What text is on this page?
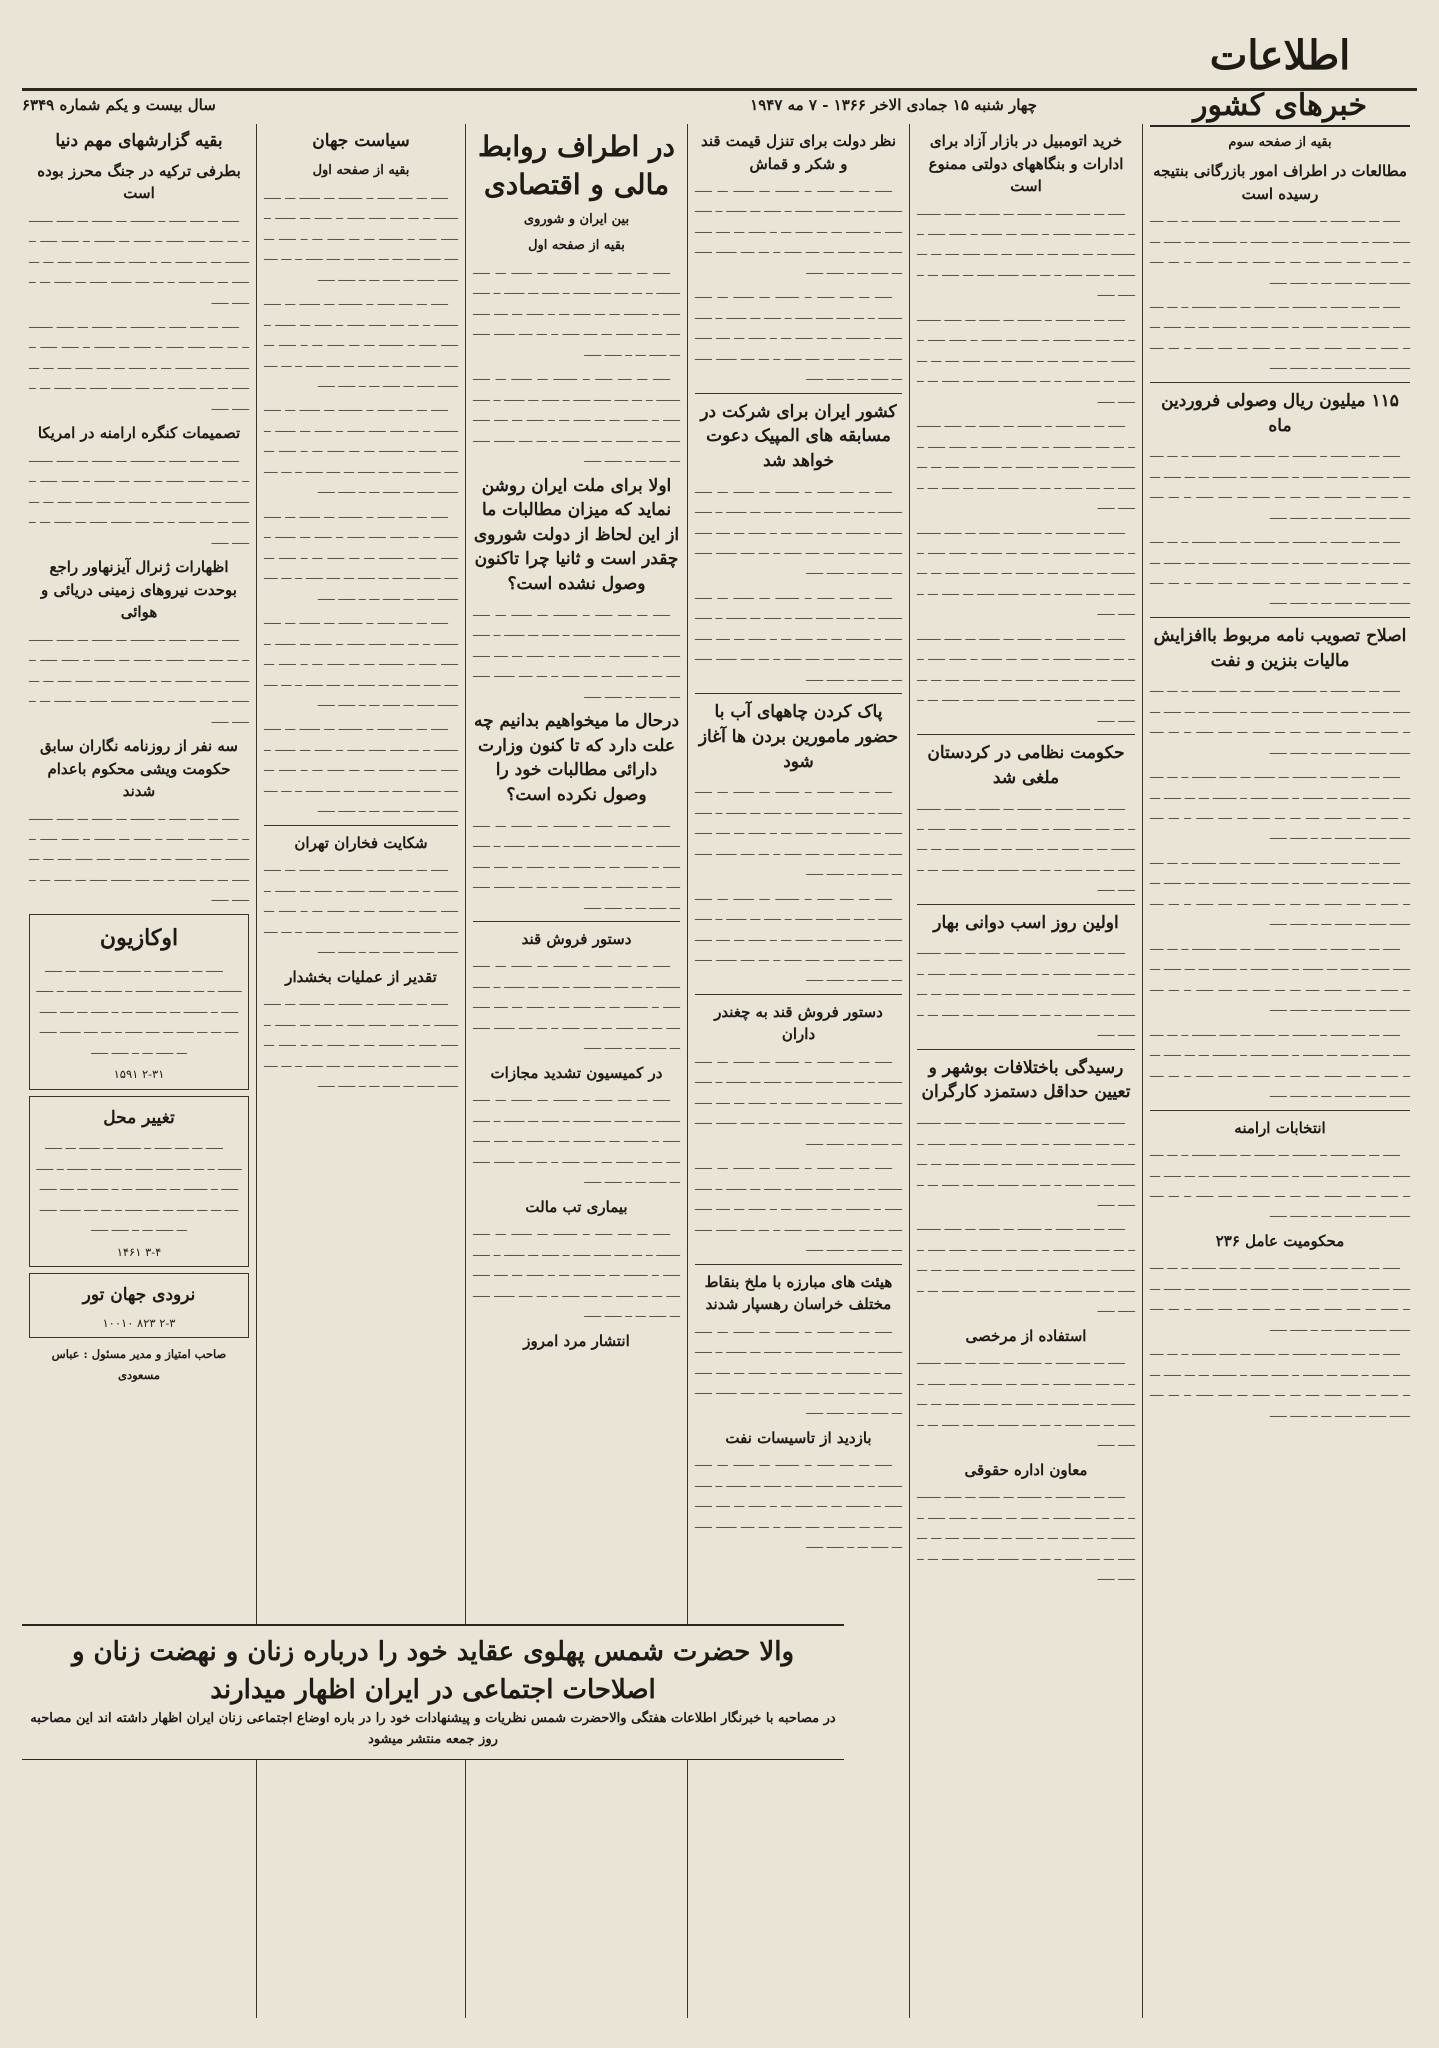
چهار شنبه ۱۵ جمادی الاخر ۱۳۶۶ - ۷ مه ۱۹۴۷
سال بیست و یکم شماره ۶۳۴۹
اطلاعات
خبرهای کشور
بقیه از صفحه سوم
مطالعات در اطراف امور بازرگانی بنتیجه رسیده است

ـــــ ـــ ــــ ـــــ ــ ـــــــ ـــ ــــــ ـــ ـــــ ـــــــ ــ ـــ ــــ ـــــ ـــــ ــ ـــــ ـــ ــــــ ــ ـــــ ـــــ ــ ـــــــ ـــ ـــ ـــــ ـــ ــ ـــــ ـــ ــــ ـــــ ــــ ـــ ـــ ـــــ ـــ ــــ ـــــ ــ ـــ ــــ ــــــ ـــــ ـــ ـــــ ـــ ــ ـــــ ـــــ

ـــــ ـــ ــــ ـــــ ــ ـــــــ ـــ ــــــ ـــ ـــــ ـــــــ ــ ـــ ــــ ـــــ ـــــ ــ ـــــ ـــ ــــــ ــ ـــــ ـــــ ــ ـــــــ ـــ ـــ ـــــ ـــ ــ ـــــ ـــ ــــ ـــــ ــــ ـــ ـــ ـــــ ـــ ــــ ـــــ ــ ـــ ــــ ــــــ ـــــ ـــ ـــــ ـــ ــ ـــــ ـــــ

۱۱۵ میلیون ریال وصولی فروردین ماه

ـــــ ـــ ــــ ـــــ ــ ـــــــ ـــ ــــــ ـــ ـــــ ـــــــ ــ ـــ ــــ ـــــ ـــــ ــ ـــــ ـــ ــــــ ــ ـــــ ـــــ ــ ـــــــ ـــ ـــ ـــــ ـــ ــ ـــــ ـــ ــــ ـــــ ــــ ـــ ـــ ـــــ ـــ ــــ ـــــ ــ ـــ ــــ ــــــ ـــــ ـــ ـــــ ـــ ــ ـــــ ـــــ

ـــــ ـــ ــــ ـــــ ــ ـــــــ ـــ ــــــ ـــ ـــــ ـــــــ ــ ـــ ــــ ـــــ ـــــ ــ ـــــ ـــ ــــــ ــ ـــــ ـــــ ــ ـــــــ ـــ ـــ ـــــ ـــ ــ ـــــ ـــ ــــ ـــــ ــــ ـــ ـــ ـــــ ـــ ــــ ـــــ ــ ـــ ــــ ــــــ ـــــ ـــ ـــــ ـــ ــ ـــــ ـــــ

اصلاح تصویب نامه مربوط باافزایش مالیات بنزین و نفت

ـــــ ـــ ــــ ـــــ ــ ـــــــ ـــ ــــــ ـــ ـــــ ـــــــ ــ ـــ ــــ ـــــ ـــــ ــ ـــــ ـــ ــــــ ــ ـــــ ـــــ ــ ـــــــ ـــ ـــ ـــــ ـــ ــ ـــــ ـــ ــــ ـــــ ــــ ـــ ـــ ـــــ ـــ ــــ ـــــ ــ ـــ ــــ ــــــ ـــــ ـــ ـــــ ـــ ــ ـــــ ـــــ

ـــــ ـــ ــــ ـــــ ــ ـــــــ ـــ ــــــ ـــ ـــــ ـــــــ ــ ـــ ــــ ـــــ ـــــ ــ ـــــ ـــ ــــــ ــ ـــــ ـــــ ــ ـــــــ ـــ ـــ ـــــ ـــ ــ ـــــ ـــ ــــ ـــــ ــــ ـــ ـــ ـــــ ـــ ــــ ـــــ ــ ـــ ــــ ــــــ ـــــ ـــ ـــــ ـــ ــ ـــــ ـــــ

ـــــ ـــ ــــ ـــــ ــ ـــــــ ـــ ــــــ ـــ ـــــ ـــــــ ــ ـــ ــــ ـــــ ـــــ ــ ـــــ ـــ ــــــ ــ ـــــ ـــــ ــ ـــــــ ـــ ـــ ـــــ ـــ ــ ـــــ ـــ ــــ ـــــ ــــ ـــ ـــ ـــــ ـــ ــــ ـــــ ــ ـــ ــــ ــــــ ـــــ ـــ ـــــ ـــ ــ ـــــ ـــــ

ـــــ ـــ ــــ ـــــ ــ ـــــــ ـــ ــــــ ـــ ـــــ ـــــــ ــ ـــ ــــ ـــــ ـــــ ــ ـــــ ـــ ــــــ ــ ـــــ ـــــ ــ ـــــــ ـــ ـــ ـــــ ـــ ــ ـــــ ـــ ــــ ـــــ ــــ ـــ ـــ ـــــ ـــ ــــ ـــــ ــ ـــ ــــ ــــــ ـــــ ـــ ـــــ ـــ ــ ـــــ ـــــ

ـــــ ـــ ــــ ـــــ ــ ـــــــ ـــ ــــــ ـــ ـــــ ـــــــ ــ ـــ ــــ ـــــ ـــــ ــ ـــــ ـــ ــــــ ــ ـــــ ـــــ ــ ـــــــ ـــ ـــ ـــــ ـــ ــ ـــــ ـــ ــــ ـــــ ــــ ـــ ـــ ـــــ ـــ ــــ ـــــ ــ ـــ ــــ ــــــ ـــــ ـــ ـــــ ـــ ــ ـــــ ـــــ

انتخابات ارامنه

ـــــ ـــ ــــ ـــــ ــ ـــــــ ـــ ــــــ ـــ ـــــ ـــــــ ــ ـــ ــــ ـــــ ـــــ ــ ـــــ ـــ ــــــ ــ ـــــ ـــــ ــ ـــــــ ـــ ـــ ـــــ ـــ ــ ـــــ ـــ ــــ ـــــ ــــ ـــ ـــ ـــــ ـــ ــــ ـــــ ــ ـــ ــــ ــــــ ـــــ ـــ ـــــ ـــ ــ ـــــ ـــــ

محکومیت عامل ۲۳۶

ـــــ ـــ ــــ ـــــ ــ ـــــــ ـــ ــــــ ـــ ـــــ ـــــــ ــ ـــ ــــ ـــــ ـــــ ــ ـــــ ـــ ــــــ ــ ـــــ ـــــ ــ ـــــــ ـــ ـــ ـــــ ـــ ــ ـــــ ـــ ــــ ـــــ ــــ ـــ ـــ ـــــ ـــ ــــ ـــــ ــ ـــ ــــ ــــــ ـــــ ـــ ـــــ ـــ ــ ـــــ ـــــ

ـــــ ـــ ــــ ـــــ ــ ـــــــ ـــ ــــــ ـــ ـــــ ـــــــ ــ ـــ ــــ ـــــ ـــــ ــ ـــــ ـــ ــــــ ــ ـــــ ـــــ ــ ـــــــ ـــ ـــ ـــــ ـــ ــ ـــــ ـــ ــــ ـــــ ــــ ـــ ـــ ـــــ ـــ ــــ ـــــ ــ ـــ ــــ ــــــ ـــــ ـــ ـــــ ـــ ــ ـــــ ـــــ

خرید اتومبیل در بازار آزاد برای ادارات و بنگاههای دولتی ممنوع است

ـــــ ـــ ــــ ـــــ ــ ـــــــ ـــ ــــــ ـــ ـــــ ـــــــ ــ ـــ ــــ ـــــ ـــــ ــ ـــــ ـــ ــــــ ــ ـــــ ـــــ ــ ـــــــ ـــ ـــ ـــــ ـــ ــ ـــــ ـــ ــــ ـــــ ــــ ـــ ـــ ـــــ ـــ ــــ ـــــ ــ ـــ ــــ ــــــ ـــــ ـــ ـــــ ـــ ــ ـــــ ـــــ

ـــــ ـــ ــــ ـــــ ــ ـــــــ ـــ ــــــ ـــ ـــــ ـــــــ ــ ـــ ــــ ـــــ ـــــ ــ ـــــ ـــ ــــــ ــ ـــــ ـــــ ــ ـــــــ ـــ ـــ ـــــ ـــ ــ ـــــ ـــ ــــ ـــــ ــــ ـــ ـــ ـــــ ـــ ــــ ـــــ ــ ـــ ــــ ــــــ ـــــ ـــ ـــــ ـــ ــ ـــــ ـــــ

ـــــ ـــ ــــ ـــــ ــ ـــــــ ـــ ــــــ ـــ ـــــ ـــــــ ــ ـــ ــــ ـــــ ـــــ ــ ـــــ ـــ ــــــ ــ ـــــ ـــــ ــ ـــــــ ـــ ـــ ـــــ ـــ ــ ـــــ ـــ ــــ ـــــ ــــ ـــ ـــ ـــــ ـــ ــــ ـــــ ــ ـــ ــــ ــــــ ـــــ ـــ ـــــ ـــ ــ ـــــ ـــــ

ـــــ ـــ ــــ ـــــ ــ ـــــــ ـــ ــــــ ـــ ـــــ ـــــــ ــ ـــ ــــ ـــــ ـــــ ــ ـــــ ـــ ــــــ ــ ـــــ ـــــ ــ ـــــــ ـــ ـــ ـــــ ـــ ــ ـــــ ـــ ــــ ـــــ ــــ ـــ ـــ ـــــ ـــ ــــ ـــــ ــ ـــ ــــ ــــــ ـــــ ـــ ـــــ ـــ ــ ـــــ ـــــ

ـــــ ـــ ــــ ـــــ ــ ـــــــ ـــ ــــــ ـــ ـــــ ـــــــ ــ ـــ ــــ ـــــ ـــــ ــ ـــــ ـــ ــــــ ــ ـــــ ـــــ ــ ـــــــ ـــ ـــ ـــــ ـــ ــ ـــــ ـــ ــــ ـــــ ــــ ـــ ـــ ـــــ ـــ ــــ ـــــ ــ ـــ ــــ ــــــ ـــــ ـــ ـــــ ـــ ــ ـــــ ـــــ

حکومت نظامی در کردستان ملغی شد

ـــــ ـــ ــــ ـــــ ــ ـــــــ ـــ ــــــ ـــ ـــــ ـــــــ ــ ـــ ــــ ـــــ ـــــ ــ ـــــ ـــ ــــــ ــ ـــــ ـــــ ــ ـــــــ ـــ ـــ ـــــ ـــ ــ ـــــ ـــ ــــ ـــــ ــــ ـــ ـــ ـــــ ـــ ــــ ـــــ ــ ـــ ــــ ــــــ ـــــ ـــ ـــــ ـــ ــ ـــــ ـــــ

اولین روز اسب دوانی بهار

ـــــ ـــ ــــ ـــــ ــ ـــــــ ـــ ــــــ ـــ ـــــ ـــــــ ــ ـــ ــــ ـــــ ـــــ ــ ـــــ ـــ ــــــ ــ ـــــ ـــــ ــ ـــــــ ـــ ـــ ـــــ ـــ ــ ـــــ ـــ ــــ ـــــ ــــ ـــ ـــ ـــــ ـــ ــــ ـــــ ــ ـــ ــــ ــــــ ـــــ ـــ ـــــ ـــ ــ ـــــ ـــــ

رسیدگی باختلافات بوشهر و تعیین حداقل دستمزد کارگران

ـــــ ـــ ــــ ـــــ ــ ـــــــ ـــ ــــــ ـــ ـــــ ـــــــ ــ ـــ ــــ ـــــ ـــــ ــ ـــــ ـــ ــــــ ــ ـــــ ـــــ ــ ـــــــ ـــ ـــ ـــــ ـــ ــ ـــــ ـــ ــــ ـــــ ــــ ـــ ـــ ـــــ ـــ ــــ ـــــ ــ ـــ ــــ ــــــ ـــــ ـــ ـــــ ـــ ــ ـــــ ـــــ

ـــــ ـــ ــــ ـــــ ــ ـــــــ ـــ ــــــ ـــ ـــــ ـــــــ ــ ـــ ــــ ـــــ ـــــ ــ ـــــ ـــ ــــــ ــ ـــــ ـــــ ــ ـــــــ ـــ ـــ ـــــ ـــ ــ ـــــ ـــ ــــ ـــــ ــــ ـــ ـــ ـــــ ـــ ــــ ـــــ ــ ـــ ــــ ــــــ ـــــ ـــ ـــــ ـــ ــ ـــــ ـــــ

استفاده از مرخصی

ـــــ ـــ ــــ ـــــ ــ ـــــــ ـــ ــــــ ـــ ـــــ ـــــــ ــ ـــ ــــ ـــــ ـــــ ــ ـــــ ـــ ــــــ ــ ـــــ ـــــ ــ ـــــــ ـــ ـــ ـــــ ـــ ــ ـــــ ـــ ــــ ـــــ ــــ ـــ ـــ ـــــ ـــ ــــ ـــــ ــ ـــ ــــ ــــــ ـــــ ـــ ـــــ ـــ ــ ـــــ ـــــ

معاون اداره حقوقی

ـــــ ـــ ــــ ـــــ ــ ـــــــ ـــ ــــــ ـــ ـــــ ـــــــ ــ ـــ ــــ ـــــ ـــــ ــ ـــــ ـــ ــــــ ــ ـــــ ـــــ ــ ـــــــ ـــ ـــ ـــــ ـــ ــ ـــــ ـــ ــــ ـــــ ــــ ـــ ـــ ـــــ ـــ ــــ ـــــ ــ ـــ ــــ ــــــ ـــــ ـــ ـــــ ـــ ــ ـــــ ـــــ

نظر دولت برای تنزل قیمت قند و شکر و قماش

ـــــ ـــ ــــ ـــــ ــ ـــــــ ـــ ــــــ ـــ ـــــ ـــــــ ــ ـــ ــــ ـــــ ـــــ ــ ـــــ ـــ ــــــ ــ ـــــ ـــــ ــ ـــــــ ـــ ـــ ـــــ ـــ ــ ـــــ ـــ ــــ ـــــ ــــ ـــ ـــ ـــــ ـــ ــــ ـــــ ــ ـــ ــــ ــــــ ـــــ ـــ ـــــ ـــ ــ ـــــ ـــــ

ـــــ ـــ ــــ ـــــ ــ ـــــــ ـــ ــــــ ـــ ـــــ ـــــــ ــ ـــ ــــ ـــــ ـــــ ــ ـــــ ـــ ــــــ ــ ـــــ ـــــ ــ ـــــــ ـــ ـــ ـــــ ـــ ــ ـــــ ـــ ــــ ـــــ ــــ ـــ ـــ ـــــ ـــ ــــ ـــــ ــ ـــ ــــ ــــــ ـــــ ـــ ـــــ ـــ ــ ـــــ ـــــ

کشور ایران برای شرکت در مسابقه های المپیک دعوت خواهد شد

ـــــ ـــ ــــ ـــــ ــ ـــــــ ـــ ــــــ ـــ ـــــ ـــــــ ــ ـــ ــــ ـــــ ـــــ ــ ـــــ ـــ ــــــ ــ ـــــ ـــــ ــ ـــــــ ـــ ـــ ـــــ ـــ ــ ـــــ ـــ ــــ ـــــ ــــ ـــ ـــ ـــــ ـــ ــــ ـــــ ــ ـــ ــــ ــــــ ـــــ ـــ ـــــ ـــ ــ ـــــ ـــــ

ـــــ ـــ ــــ ـــــ ــ ـــــــ ـــ ــــــ ـــ ـــــ ـــــــ ــ ـــ ــــ ـــــ ـــــ ــ ـــــ ـــ ــــــ ــ ـــــ ـــــ ــ ـــــــ ـــ ـــ ـــــ ـــ ــ ـــــ ـــ ــــ ـــــ ــــ ـــ ـــ ـــــ ـــ ــــ ـــــ ــ ـــ ــــ ــــــ ـــــ ـــ ـــــ ـــ ــ ـــــ ـــــ

پاک کردن چاههای آب با حضور مامورین بردن ها آغاز شود

ـــــ ـــ ــــ ـــــ ــ ـــــــ ـــ ــــــ ـــ ـــــ ـــــــ ــ ـــ ــــ ـــــ ـــــ ــ ـــــ ـــ ــــــ ــ ـــــ ـــــ ــ ـــــــ ـــ ـــ ـــــ ـــ ــ ـــــ ـــ ــــ ـــــ ــــ ـــ ـــ ـــــ ـــ ــــ ـــــ ــ ـــ ــــ ــــــ ـــــ ـــ ـــــ ـــ ــ ـــــ ـــــ

ـــــ ـــ ــــ ـــــ ــ ـــــــ ـــ ــــــ ـــ ـــــ ـــــــ ــ ـــ ــــ ـــــ ـــــ ــ ـــــ ـــ ــــــ ــ ـــــ ـــــ ــ ـــــــ ـــ ـــ ـــــ ـــ ــ ـــــ ـــ ــــ ـــــ ــــ ـــ ـــ ـــــ ـــ ــــ ـــــ ــ ـــ ــــ ــــــ ـــــ ـــ ـــــ ـــ ــ ـــــ ـــــ

دستور فروش قند به چغندر داران

ـــــ ـــ ــــ ـــــ ــ ـــــــ ـــ ــــــ ـــ ـــــ ـــــــ ــ ـــ ــــ ـــــ ـــــ ــ ـــــ ـــ ــــــ ــ ـــــ ـــــ ــ ـــــــ ـــ ـــ ـــــ ـــ ــ ـــــ ـــ ــــ ـــــ ــــ ـــ ـــ ـــــ ـــ ــــ ـــــ ــ ـــ ــــ ــــــ ـــــ ـــ ـــــ ـــ ــ ـــــ ـــــ

ـــــ ـــ ــــ ـــــ ــ ـــــــ ـــ ــــــ ـــ ـــــ ـــــــ ــ ـــ ــــ ـــــ ـــــ ــ ـــــ ـــ ــــــ ــ ـــــ ـــــ ــ ـــــــ ـــ ـــ ـــــ ـــ ــ ـــــ ـــ ــــ ـــــ ــــ ـــ ـــ ـــــ ـــ ــــ ـــــ ــ ـــ ــــ ــــــ ـــــ ـــ ـــــ ـــ ــ ـــــ ـــــ

هیئت های مبارزه با ملخ بنقاط مختلف خراسان رهسپار شدند

ـــــ ـــ ــــ ـــــ ــ ـــــــ ـــ ــــــ ـــ ـــــ ـــــــ ــ ـــ ــــ ـــــ ـــــ ــ ـــــ ـــ ــــــ ــ ـــــ ـــــ ــ ـــــــ ـــ ـــ ـــــ ـــ ــ ـــــ ـــ ــــ ـــــ ــــ ـــ ـــ ـــــ ـــ ــــ ـــــ ــ ـــ ــــ ــــــ ـــــ ـــ ـــــ ـــ ــ ـــــ ـــــ

بازدید از تاسیسات نفت

ـــــ ـــ ــــ ـــــ ــ ـــــــ ـــ ــــــ ـــ ـــــ ـــــــ ــ ـــ ــــ ـــــ ـــــ ــ ـــــ ـــ ــــــ ــ ـــــ ـــــ ــ ـــــــ ـــ ـــ ـــــ ـــ ــ ـــــ ـــ ــــ ـــــ ــــ ـــ ـــ ـــــ ـــ ــــ ـــــ ــ ـــ ــــ ــــــ ـــــ ـــ ـــــ ـــ ــ ـــــ ـــــ

در اطراف روابط مالی و اقتصادی
بین ایران و شوروی
بقیه از صفحه اول

ـــــ ـــ ــــ ـــــ ــ ـــــــ ـــ ــــــ ـــ ـــــ ـــــــ ــ ـــ ــــ ـــــ ـــــ ــ ـــــ ـــ ــــــ ــ ـــــ ـــــ ــ ـــــــ ـــ ـــ ـــــ ـــ ــ ـــــ ـــ ــــ ـــــ ــــ ـــ ـــ ـــــ ـــ ــــ ـــــ ــ ـــ ــــ ــــــ ـــــ ـــ ـــــ ـــ ــ ـــــ ـــــ

ـــــ ـــ ــــ ـــــ ــ ـــــــ ـــ ــــــ ـــ ـــــ ـــــــ ــ ـــ ــــ ـــــ ـــــ ــ ـــــ ـــ ــــــ ــ ـــــ ـــــ ــ ـــــــ ـــ ـــ ـــــ ـــ ــ ـــــ ـــ ــــ ـــــ ــــ ـــ ـــ ـــــ ـــ ــــ ـــــ ــ ـــ ــــ ــــــ ـــــ ـــ ـــــ ـــ ــ ـــــ ـــــ

اولا برای ملت ایران روشن نماید که میزان مطالبات ما از این لحاظ از دولت شوروی چقدر است و ثانیا چرا تاکنون وصول نشده است؟

ـــــ ـــ ــــ ـــــ ــ ـــــــ ـــ ــــــ ـــ ـــــ ـــــــ ــ ـــ ــــ ـــــ ـــــ ــ ـــــ ـــ ــــــ ــ ـــــ ـــــ ــ ـــــــ ـــ ـــ ـــــ ـــ ــ ـــــ ـــ ــــ ـــــ ــــ ـــ ـــ ـــــ ـــ ــــ ـــــ ــ ـــ ــــ ــــــ ـــــ ـــ ـــــ ـــ ــ ـــــ ـــــ

درحال ما میخواهیم بدانیم چه علت دارد که تا کنون وزارت دارائی مطالبات خود را وصول نکرده است؟

ـــــ ـــ ــــ ـــــ ــ ـــــــ ـــ ــــــ ـــ ـــــ ـــــــ ــ ـــ ــــ ـــــ ـــــ ــ ـــــ ـــ ــــــ ــ ـــــ ـــــ ــ ـــــــ ـــ ـــ ـــــ ـــ ــ ـــــ ـــ ــــ ـــــ ــــ ـــ ـــ ـــــ ـــ ــــ ـــــ ــ ـــ ــــ ــــــ ـــــ ـــ ـــــ ـــ ــ ـــــ ـــــ

دستور فروش قند

ـــــ ـــ ــــ ـــــ ــ ـــــــ ـــ ــــــ ـــ ـــــ ـــــــ ــ ـــ ــــ ـــــ ـــــ ــ ـــــ ـــ ــــــ ــ ـــــ ـــــ ــ ـــــــ ـــ ـــ ـــــ ـــ ــ ـــــ ـــ ــــ ـــــ ــــ ـــ ـــ ـــــ ـــ ــــ ـــــ ــ ـــ ــــ ــــــ ـــــ ـــ ـــــ ـــ ــ ـــــ ـــــ

در کمیسیون تشدید مجازات

ـــــ ـــ ــــ ـــــ ــ ـــــــ ـــ ــــــ ـــ ـــــ ـــــــ ــ ـــ ــــ ـــــ ـــــ ــ ـــــ ـــ ــــــ ــ ـــــ ـــــ ــ ـــــــ ـــ ـــ ـــــ ـــ ــ ـــــ ـــ ــــ ـــــ ــــ ـــ ـــ ـــــ ـــ ــــ ـــــ ــ ـــ ــــ ــــــ ـــــ ـــ ـــــ ـــ ــ ـــــ ـــــ

بیماری تب مالت

ـــــ ـــ ــــ ـــــ ــ ـــــــ ـــ ــــــ ـــ ـــــ ـــــــ ــ ـــ ــــ ـــــ ـــــ ــ ـــــ ـــ ــــــ ــ ـــــ ـــــ ــ ـــــــ ـــ ـــ ـــــ ـــ ــ ـــــ ـــ ــــ ـــــ ــــ ـــ ـــ ـــــ ـــ ــــ ـــــ ــ ـــ ــــ ــــــ ـــــ ـــ ـــــ ـــ ــ ـــــ ـــــ

انتشار مرد امروز
سیاست جهان
بقیه از صفحه اول

ـــــ ـــ ــــ ـــــ ــ ـــــــ ـــ ــــــ ـــ ـــــ ـــــــ ــ ـــ ــــ ـــــ ـــــ ــ ـــــ ـــ ــــــ ــ ـــــ ـــــ ــ ـــــــ ـــ ـــ ـــــ ـــ ــ ـــــ ـــ ــــ ـــــ ــــ ـــ ـــ ـــــ ـــ ــــ ـــــ ــ ـــ ــــ ــــــ ـــــ ـــ ـــــ ـــ ــ ـــــ ـــــ

ـــــ ـــ ــــ ـــــ ــ ـــــــ ـــ ــــــ ـــ ـــــ ـــــــ ــ ـــ ــــ ـــــ ـــــ ــ ـــــ ـــ ــــــ ــ ـــــ ـــــ ــ ـــــــ ـــ ـــ ـــــ ـــ ــ ـــــ ـــ ــــ ـــــ ــــ ـــ ـــ ـــــ ـــ ــــ ـــــ ــ ـــ ــــ ــــــ ـــــ ـــ ـــــ ـــ ــ ـــــ ـــــ

ـــــ ـــ ــــ ـــــ ــ ـــــــ ـــ ــــــ ـــ ـــــ ـــــــ ــ ـــ ــــ ـــــ ـــــ ــ ـــــ ـــ ــــــ ــ ـــــ ـــــ ــ ـــــــ ـــ ـــ ـــــ ـــ ــ ـــــ ـــ ــــ ـــــ ــــ ـــ ـــ ـــــ ـــ ــــ ـــــ ــ ـــ ــــ ــــــ ـــــ ـــ ـــــ ـــ ــ ـــــ ـــــ

ـــــ ـــ ــــ ـــــ ــ ـــــــ ـــ ــــــ ـــ ـــــ ـــــــ ــ ـــ ــــ ـــــ ـــــ ــ ـــــ ـــ ــــــ ــ ـــــ ـــــ ــ ـــــــ ـــ ـــ ـــــ ـــ ــ ـــــ ـــ ــــ ـــــ ــــ ـــ ـــ ـــــ ـــ ــــ ـــــ ــ ـــ ــــ ــــــ ـــــ ـــ ـــــ ـــ ــ ـــــ ـــــ

ـــــ ـــ ــــ ـــــ ــ ـــــــ ـــ ــــــ ـــ ـــــ ـــــــ ــ ـــ ــــ ـــــ ـــــ ــ ـــــ ـــ ــــــ ــ ـــــ ـــــ ــ ـــــــ ـــ ـــ ـــــ ـــ ــ ـــــ ـــ ــــ ـــــ ــــ ـــ ـــ ـــــ ـــ ــــ ـــــ ــ ـــ ــــ ــــــ ـــــ ـــ ـــــ ـــ ــ ـــــ ـــــ

ـــــ ـــ ــــ ـــــ ــ ـــــــ ـــ ــــــ ـــ ـــــ ـــــــ ــ ـــ ــــ ـــــ ـــــ ــ ـــــ ـــ ــــــ ــ ـــــ ـــــ ــ ـــــــ ـــ ـــ ـــــ ـــ ــ ـــــ ـــ ــــ ـــــ ــــ ـــ ـــ ـــــ ـــ ــــ ـــــ ــ ـــ ــــ ــــــ ـــــ ـــ ـــــ ـــ ــ ـــــ ـــــ

شکایت فخاران تهران

ـــــ ـــ ــــ ـــــ ــ ـــــــ ـــ ــــــ ـــ ـــــ ـــــــ ــ ـــ ــــ ـــــ ـــــ ــ ـــــ ـــ ــــــ ــ ـــــ ـــــ ــ ـــــــ ـــ ـــ ـــــ ـــ ــ ـــــ ـــ ــــ ـــــ ــــ ـــ ـــ ـــــ ـــ ــــ ـــــ ــ ـــ ــــ ــــــ ـــــ ـــ ـــــ ـــ ــ ـــــ ـــــ

تقدیر از عملیات بخشدار

ـــــ ـــ ــــ ـــــ ــ ـــــــ ـــ ــــــ ـــ ـــــ ـــــــ ــ ـــ ــــ ـــــ ـــــ ــ ـــــ ـــ ــــــ ــ ـــــ ـــــ ــ ـــــــ ـــ ـــ ـــــ ـــ ــ ـــــ ـــ ــــ ـــــ ــــ ـــ ـــ ـــــ ـــ ــــ ـــــ ــ ـــ ــــ ــــــ ـــــ ـــ ـــــ ـــ ــ ـــــ ـــــ

بقیه گزارشهای مهم دنیا
بطرفی ترکیه در جنگ محرز بوده است

ـــــ ـــ ــــ ـــــ ــ ـــــــ ـــ ــــــ ـــ ـــــ ـــــــ ــ ـــ ــــ ـــــ ـــــ ــ ـــــ ـــ ــــــ ــ ـــــ ـــــ ــ ـــــــ ـــ ـــ ـــــ ـــ ــ ـــــ ـــ ــــ ـــــ ــــ ـــ ـــ ـــــ ـــ ــــ ـــــ ــ ـــ ــــ ــــــ ـــــ ـــ ـــــ ـــ ــ ـــــ ـــــ

ـــــ ـــ ــــ ـــــ ــ ـــــــ ـــ ــــــ ـــ ـــــ ـــــــ ــ ـــ ــــ ـــــ ـــــ ــ ـــــ ـــ ــــــ ــ ـــــ ـــــ ــ ـــــــ ـــ ـــ ـــــ ـــ ــ ـــــ ـــ ــــ ـــــ ــــ ـــ ـــ ـــــ ـــ ــــ ـــــ ــ ـــ ــــ ــــــ ـــــ ـــ ـــــ ـــ ــ ـــــ ـــــ

تصمیمات کنگره ارامنه در امریکا

ـــــ ـــ ــــ ـــــ ــ ـــــــ ـــ ــــــ ـــ ـــــ ـــــــ ــ ـــ ــــ ـــــ ـــــ ــ ـــــ ـــ ــــــ ــ ـــــ ـــــ ــ ـــــــ ـــ ـــ ـــــ ـــ ــ ـــــ ـــ ــــ ـــــ ــــ ـــ ـــ ـــــ ـــ ــــ ـــــ ــ ـــ ــــ ــــــ ـــــ ـــ ـــــ ـــ ــ ـــــ ـــــ

اظهارات ژنرال آیزنهاور راجع بوحدت نیروهای زمینی دریائی و هوائی

ـــــ ـــ ــــ ـــــ ــ ـــــــ ـــ ــــــ ـــ ـــــ ـــــــ ــ ـــ ــــ ـــــ ـــــ ــ ـــــ ـــ ــــــ ــ ـــــ ـــــ ــ ـــــــ ـــ ـــ ـــــ ـــ ــ ـــــ ـــ ــــ ـــــ ــــ ـــ ـــ ـــــ ـــ ــــ ـــــ ــ ـــ ــــ ــــــ ـــــ ـــ ـــــ ـــ ــ ـــــ ـــــ

سه نفر از روزنامه نگاران سابق حکومت ویشی محکوم باعدام شدند

ـــــ ـــ ــــ ـــــ ــ ـــــــ ـــ ــــــ ـــ ـــــ ـــــــ ــ ـــ ــــ ـــــ ـــــ ــ ـــــ ـــ ــــــ ــ ـــــ ـــــ ــ ـــــــ ـــ ـــ ـــــ ـــ ــ ـــــ ـــ ــــ ـــــ ــــ ـــ ـــ ـــــ ـــ ــــ ـــــ ــ ـــ ــــ ــــــ ـــــ ـــ ـــــ ـــ ــ ـــــ ـــــ

اوکازیون

ـــــ ـــ ــــ ـــــ ــ ـــــــ ـــ ــــــ ـــ ـــــ ـــــــ ــ ـــ ــــ ـــــ ـــــ ــ ـــــ ـــ ــــــ ــ ـــــ ـــــ ــ ـــــــ ـــ ـــ ـــــ ـــ ــ ـــــ ـــ ــــ ـــــ ــــ ـــ ـــ ـــــ ـــ ــــ ـــــ ــ ـــ ــــ ــــــ ـــــ ـــ ـــــ ـــ ــ ـــــ ـــــ

۲-۳۱ ۱۵۹۱
تغییر محل

ـــــ ـــ ــــ ـــــ ــ ـــــــ ـــ ــــــ ـــ ـــــ ـــــــ ــ ـــ ــــ ـــــ ـــــ ــ ـــــ ـــ ــــــ ــ ـــــ ـــــ ــ ـــــــ ـــ ـــ ـــــ ـــ ــ ـــــ ـــ ــــ ـــــ ــــ ـــ ـــ ـــــ ـــ ــــ ـــــ ــ ـــ ــــ ــــــ ـــــ ـــ ـــــ ـــ ــ ـــــ ـــــ

۳-۴ ۱۴۶۱
نرودی جهان تور
۲-۳ ۸۲۳ ۱۰۰۱۰
صاحب امتیاز و مدیر مسئول : عباس مسعودی
والا حضرت شمس پهلوی عقاید خود را درباره زنان و نهضت زنان و اصلاحات اجتماعی در ایران اظهار میدارند
در مصاحبه با خبرنگار اطلاعات هفتگی والاحضرت شمس نظریات و پیشنهادات خود را در باره اوضاع اجتماعی زنان ایران اظهار داشته اند این مصاحبه روز جمعه منتشر میشود
